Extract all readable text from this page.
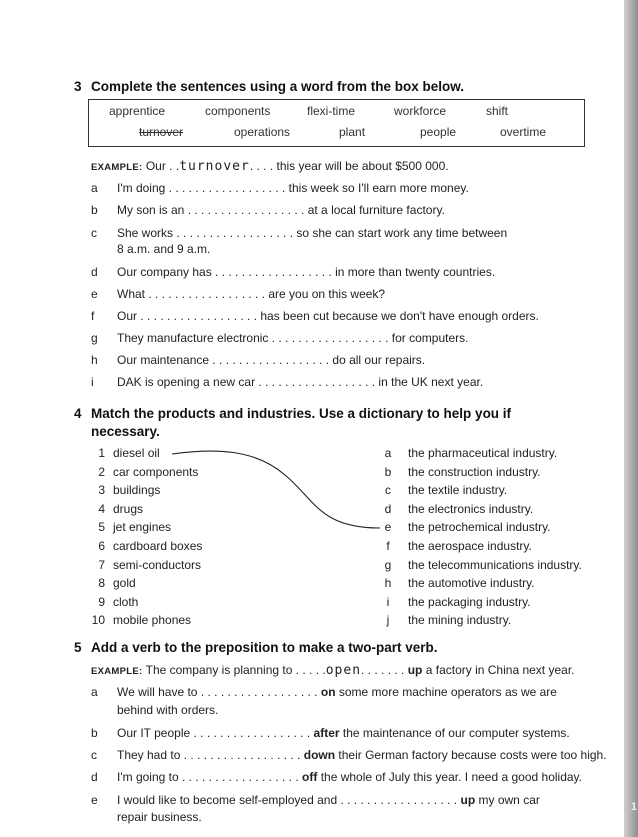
1
3 Complete the sentences using a word from the box below.
apprentice	components	flexi-time	workforce	shift
turnover	operations	plant	people	overtime
EXAMPLE: Our . .turnover. . . . this year will be about $500 000.
a I'm doing . . . . . . . . . . . . . . . . . . this week so I'll earn more money.
b My son is an . . . . . . . . . . . . . . . . . . at a local furniture factory.
c She works . . . . . . . . . . . . . . . . . . so she can start work any time between
8 a.m. and 9 a.m.
d Our company has . . . . . . . . . . . . . . . . . . in more than twenty countries.
e What . . . . . . . . . . . . . . . . . . are you on this week?
f Our . . . . . . . . . . . . . . . . . . has been cut because we don't have enough orders.
g They manufacture electronic . . . . . . . . . . . . . . . . . . for computers.
h Our maintenance . . . . . . . . . . . . . . . . . . do all our repairs.
i DAK is opening a new car . . . . . . . . . . . . . . . . . . in the UK next year.
4 Match the products and industries. Use a dictionary to help you if
necessary.
1 diesel oil
2 car components
3 buildings
4 drugs
5 jet engines
6 cardboard boxes
7 semi-conductors
8 gold
9 cloth
10 mobile phones
a the pharmaceutical industry.
b the construction industry.
c the textile industry.
d the electronics industry.
e the petrochemical industry.
f the aerospace industry.
g the telecommunications industry.
h the automotive industry.
i the packaging industry.
j the mining industry.
5 Add a verb to the preposition to make a two-part verb.
EXAMPLE: The company is planning to . . . . .open. . . . . . . up a factory in China next year.
a We will have to . . . . . . . . . . . . . . . . . . on some more machine operators as we are
behind with orders.
b Our IT people . . . . . . . . . . . . . . . . . . after the maintenance of our computer systems.
c They had to . . . . . . . . . . . . . . . . . . down their German factory because costs were too high.
d I'm going to . . . . . . . . . . . . . . . . . . off the whole of July this year. I need a good holiday.
e I would like to become self-employed and . . . . . . . . . . . . . . . . . . up my own car
repair business.
